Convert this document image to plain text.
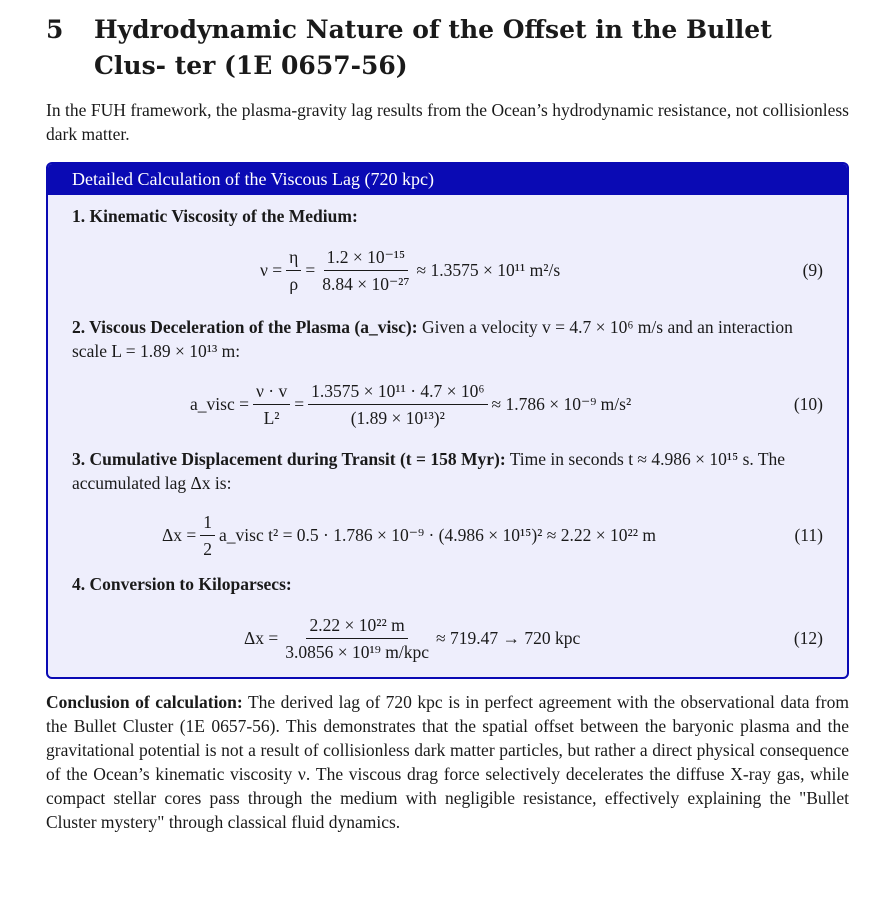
5 Hydrodynamic Nature of the Offset in the Bullet Clus- ter (1E 0657-56)

In the FUH framework, the plasma-gravity lag results from the Ocean’s hydrodynamic resistance, not collisionless dark matter.

Detailed Calculation of the Viscous Lag (720 kpc)

1. Kinematic Viscosity of the Medium:

$\nu = \frac{\eta}{\rho} = \frac{\text{1.2 × 10⁻¹⁵}}{\text{8.84 × 10⁻²⁷}} \approx 1.3575 \times 10^{11}$ m²/s	(9)

2. Viscous Deceleration of the Plasma (a_visc): Given a velocity v = 4.7 × 10⁶ m/s and an interaction scale L = 1.89 × 10¹³ m:

a_visc = $\frac{\nu \cdot v}{\text{L²}} = \frac{\text{1.3575 × 10¹¹ · 4.7 × 10⁶}}{\text{(1.89 × 10¹³)²}} \approx 1.786 \times 10^{-9}$ m/s²	(10)

3. Cumulative Displacement during Transit (t = 158 Myr): Time in seconds t ≈ 4.986 × 10¹⁵ s. The accumulated lag Δx is:

$\Delta x = \frac{1}{2}$ a_visc t² = 0.5 · 1.786 × 10⁻⁹ · (4.986 × 10¹⁵)² ≈ 2.22 × 10²² m	(11)

4. Conversion to Kiloparsecs:

$\Delta x = \frac{\text{2.22 × 10²² m}}{\text{3.0856 × 10¹⁹ m/kpc}} \approx 719.47 \to 720$ kpc	(12)

Conclusion of calculation: The derived lag of 720 kpc is in perfect agreement with the observational data from the Bullet Cluster (1E 0657-56). This demonstrates that the spatial offset between the baryonic plasma and the gravitational potential is not a result of collisionless dark matter particles, but rather a direct physical consequence of the Ocean’s kinematic viscosity ν. The viscous drag force selectively decelerates the diffuse X-ray gas, while compact stellar cores pass through the medium with negligible resistance, effectively explaining the "Bullet Cluster mystery" through classical fluid dynamics.
